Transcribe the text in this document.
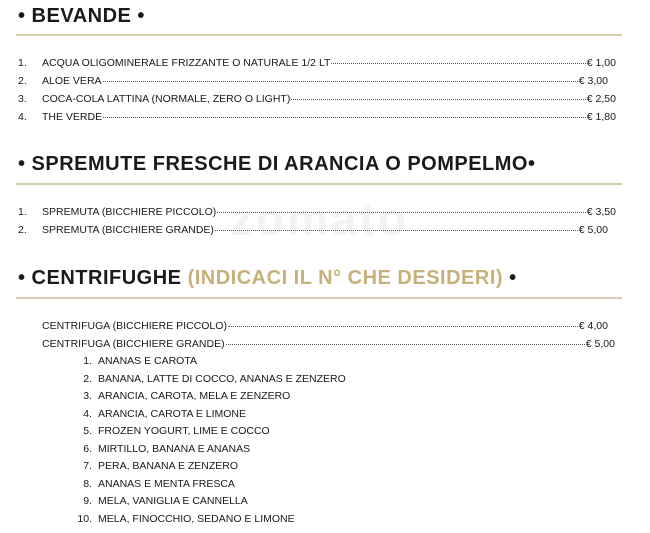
zomato
• BEVANDE •
1. ACQUA OLIGOMINERALE FRIZZANTE O NATURALE 1/2 LT	€ 1,00
2. ALOE VERA	€ 3,00
3. COCA-COLA LATTINA (NORMALE, ZERO O LIGHT)	€ 2,50
4. THE VERDE	€ 1,80
• SPREMUTE FRESCHE DI ARANCIA O POMPELMO•
1. SPREMUTA (BICCHIERE PICCOLO)	€ 3,50
2. SPREMUTA (BICCHIERE GRANDE)	€ 5,00
• CENTRIFUGHE (INDICACI IL N° CHE DESIDERI) •
CENTRIFUGA (BICCHIERE PICCOLO)	€ 4,00
CENTRIFUGA (BICCHIERE GRANDE)	€ 5,00
1. ANANAS E CAROTA
2. BANANA, LATTE DI COCCO, ANANAS E ZENZERO
3. ARANCIA, CAROTA, MELA E ZENZERO
4. ARANCIA, CAROTA E LIMONE
5. FROZEN YOGURT, LIME E COCCO
6. MIRTILLO, BANANA E ANANAS
7. PERA, BANANA E ZENZERO
8. ANANAS E MENTA FRESCA
9. MELA, VANIGLIA E CANNELLA
10. MELA, FINOCCHIO, SEDANO E LIMONE
